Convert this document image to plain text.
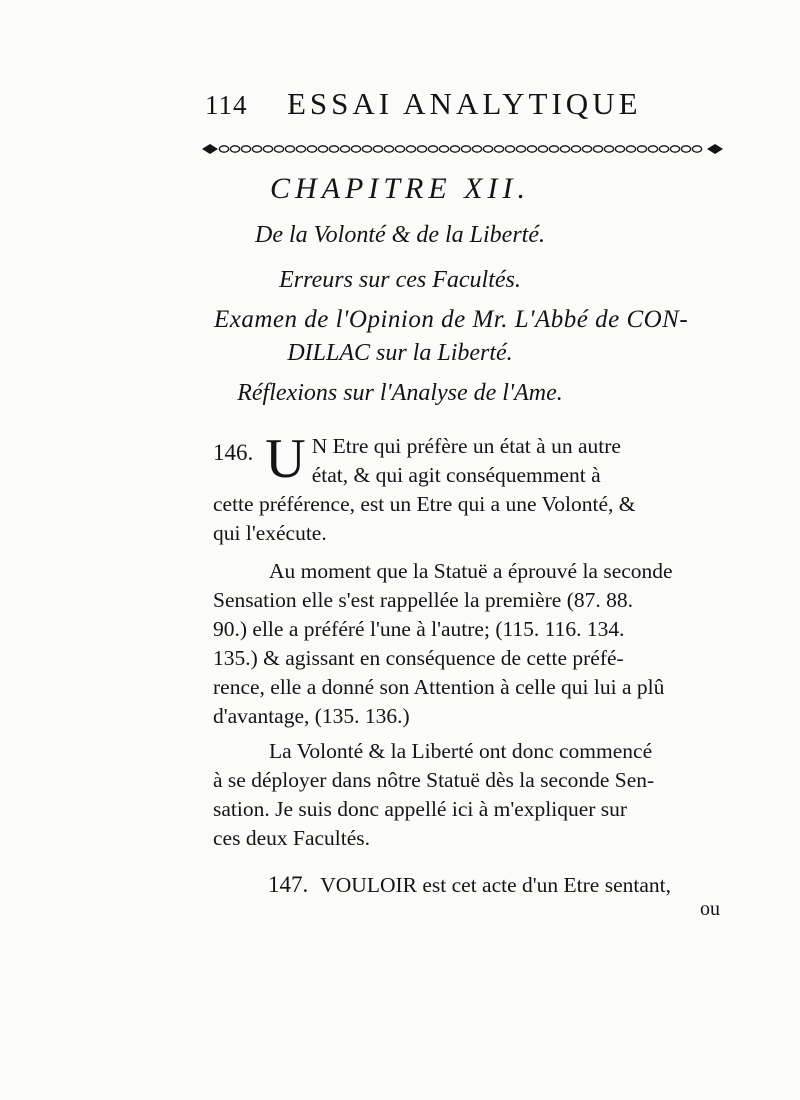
114 ESSAI ANALYTIQUE
CHAPITRE XII.
De la Volonté & de la Liberté.
Erreurs sur ces Facultés.
Examen de l'Opinion de Mr. L'Abbé de CON-
DILLAC sur la Liberté.
Réflexions sur l'Analyse de l'Ame.
146. U N Etre qui préfère un état à un autre
état, & qui agit conséquemment à
cette préférence, est un Etre qui a une Volonté, &
qui l'exécute.
Au moment que la Statuë a éprouvé la seconde
Sensation elle s'est rappellée la première (87. 88.
90.) elle a préféré l'une à l'autre; (115. 116. 134.
135.) & agissant en conséquence de cette préfé-
rence, elle a donné son Attention à celle qui lui a plû
d'avantage, (135. 136.)
La Volonté & la Liberté ont donc commencé
à se déployer dans nôtre Statuë dès la seconde Sen-
sation. Je suis donc appellé ici à m'expliquer sur
ces deux Facultés.
147. VOULOIR est cet acte d'un Etre sentant,
ou
